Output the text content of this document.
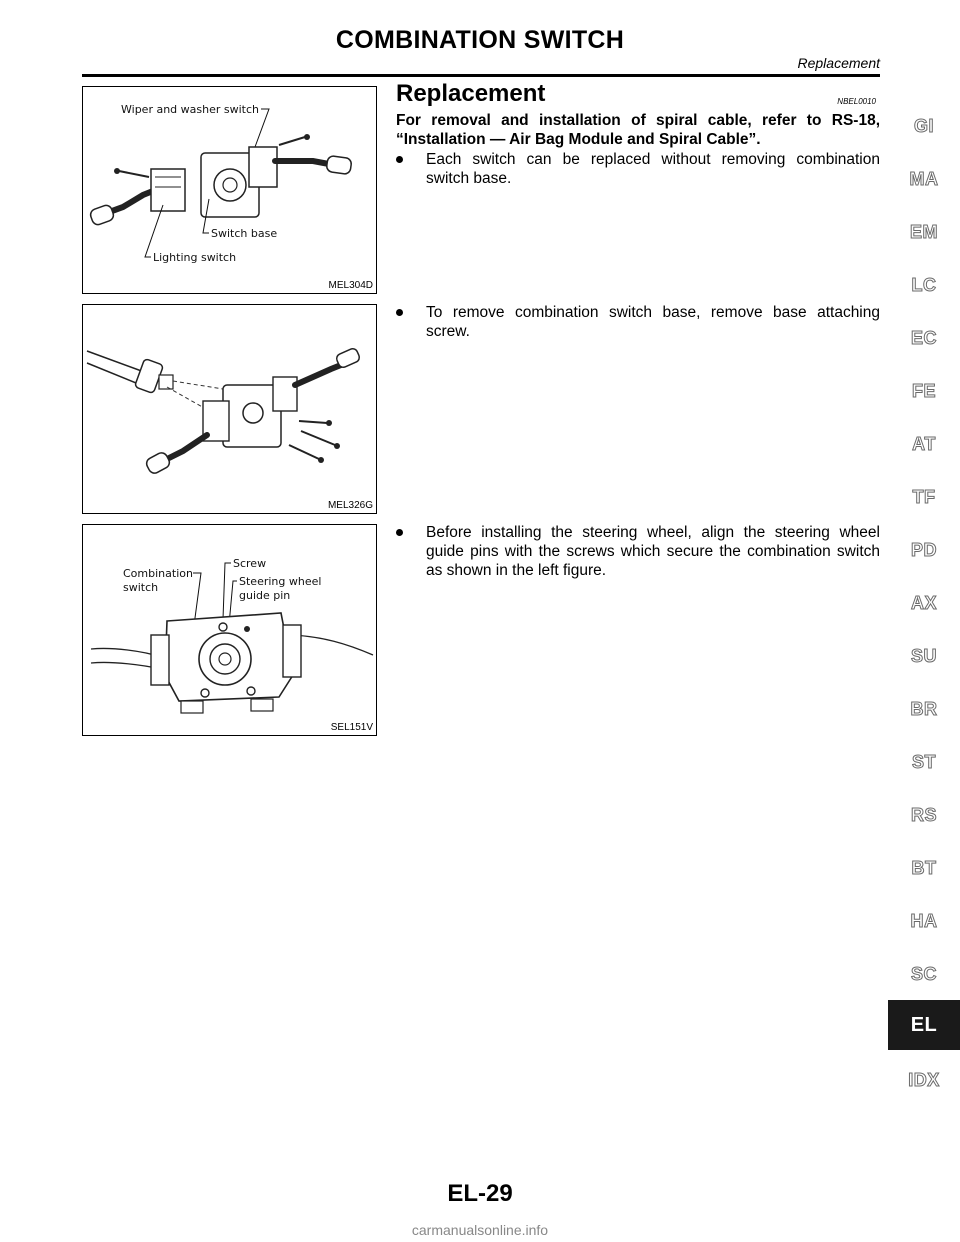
COMBINATION SWITCH
Replacement
Wiper and washer switch
Switch base
Lighting switch
MEL304D
MEL326G
Combination
switch
Screw
Steering wheel
guide pin
SEL151V
Replacement	NBEL0010
For removal and installation of spiral cable, refer to RS-18, “Installation — Air Bag Module and Spiral Cable”.
Each switch can be replaced without removing combination switch base.
To remove combination switch base, remove base attaching screw.
Before installing the steering wheel, align the steering wheel guide pins with the screws which secure the combination switch as shown in the left figure.
GI
MA
EM
LC
EC
FE
AT
TF
PD
AX
SU
BR
ST
RS
BT
HA
SC
EL
IDX
EL-29
carmanualsonline.info
